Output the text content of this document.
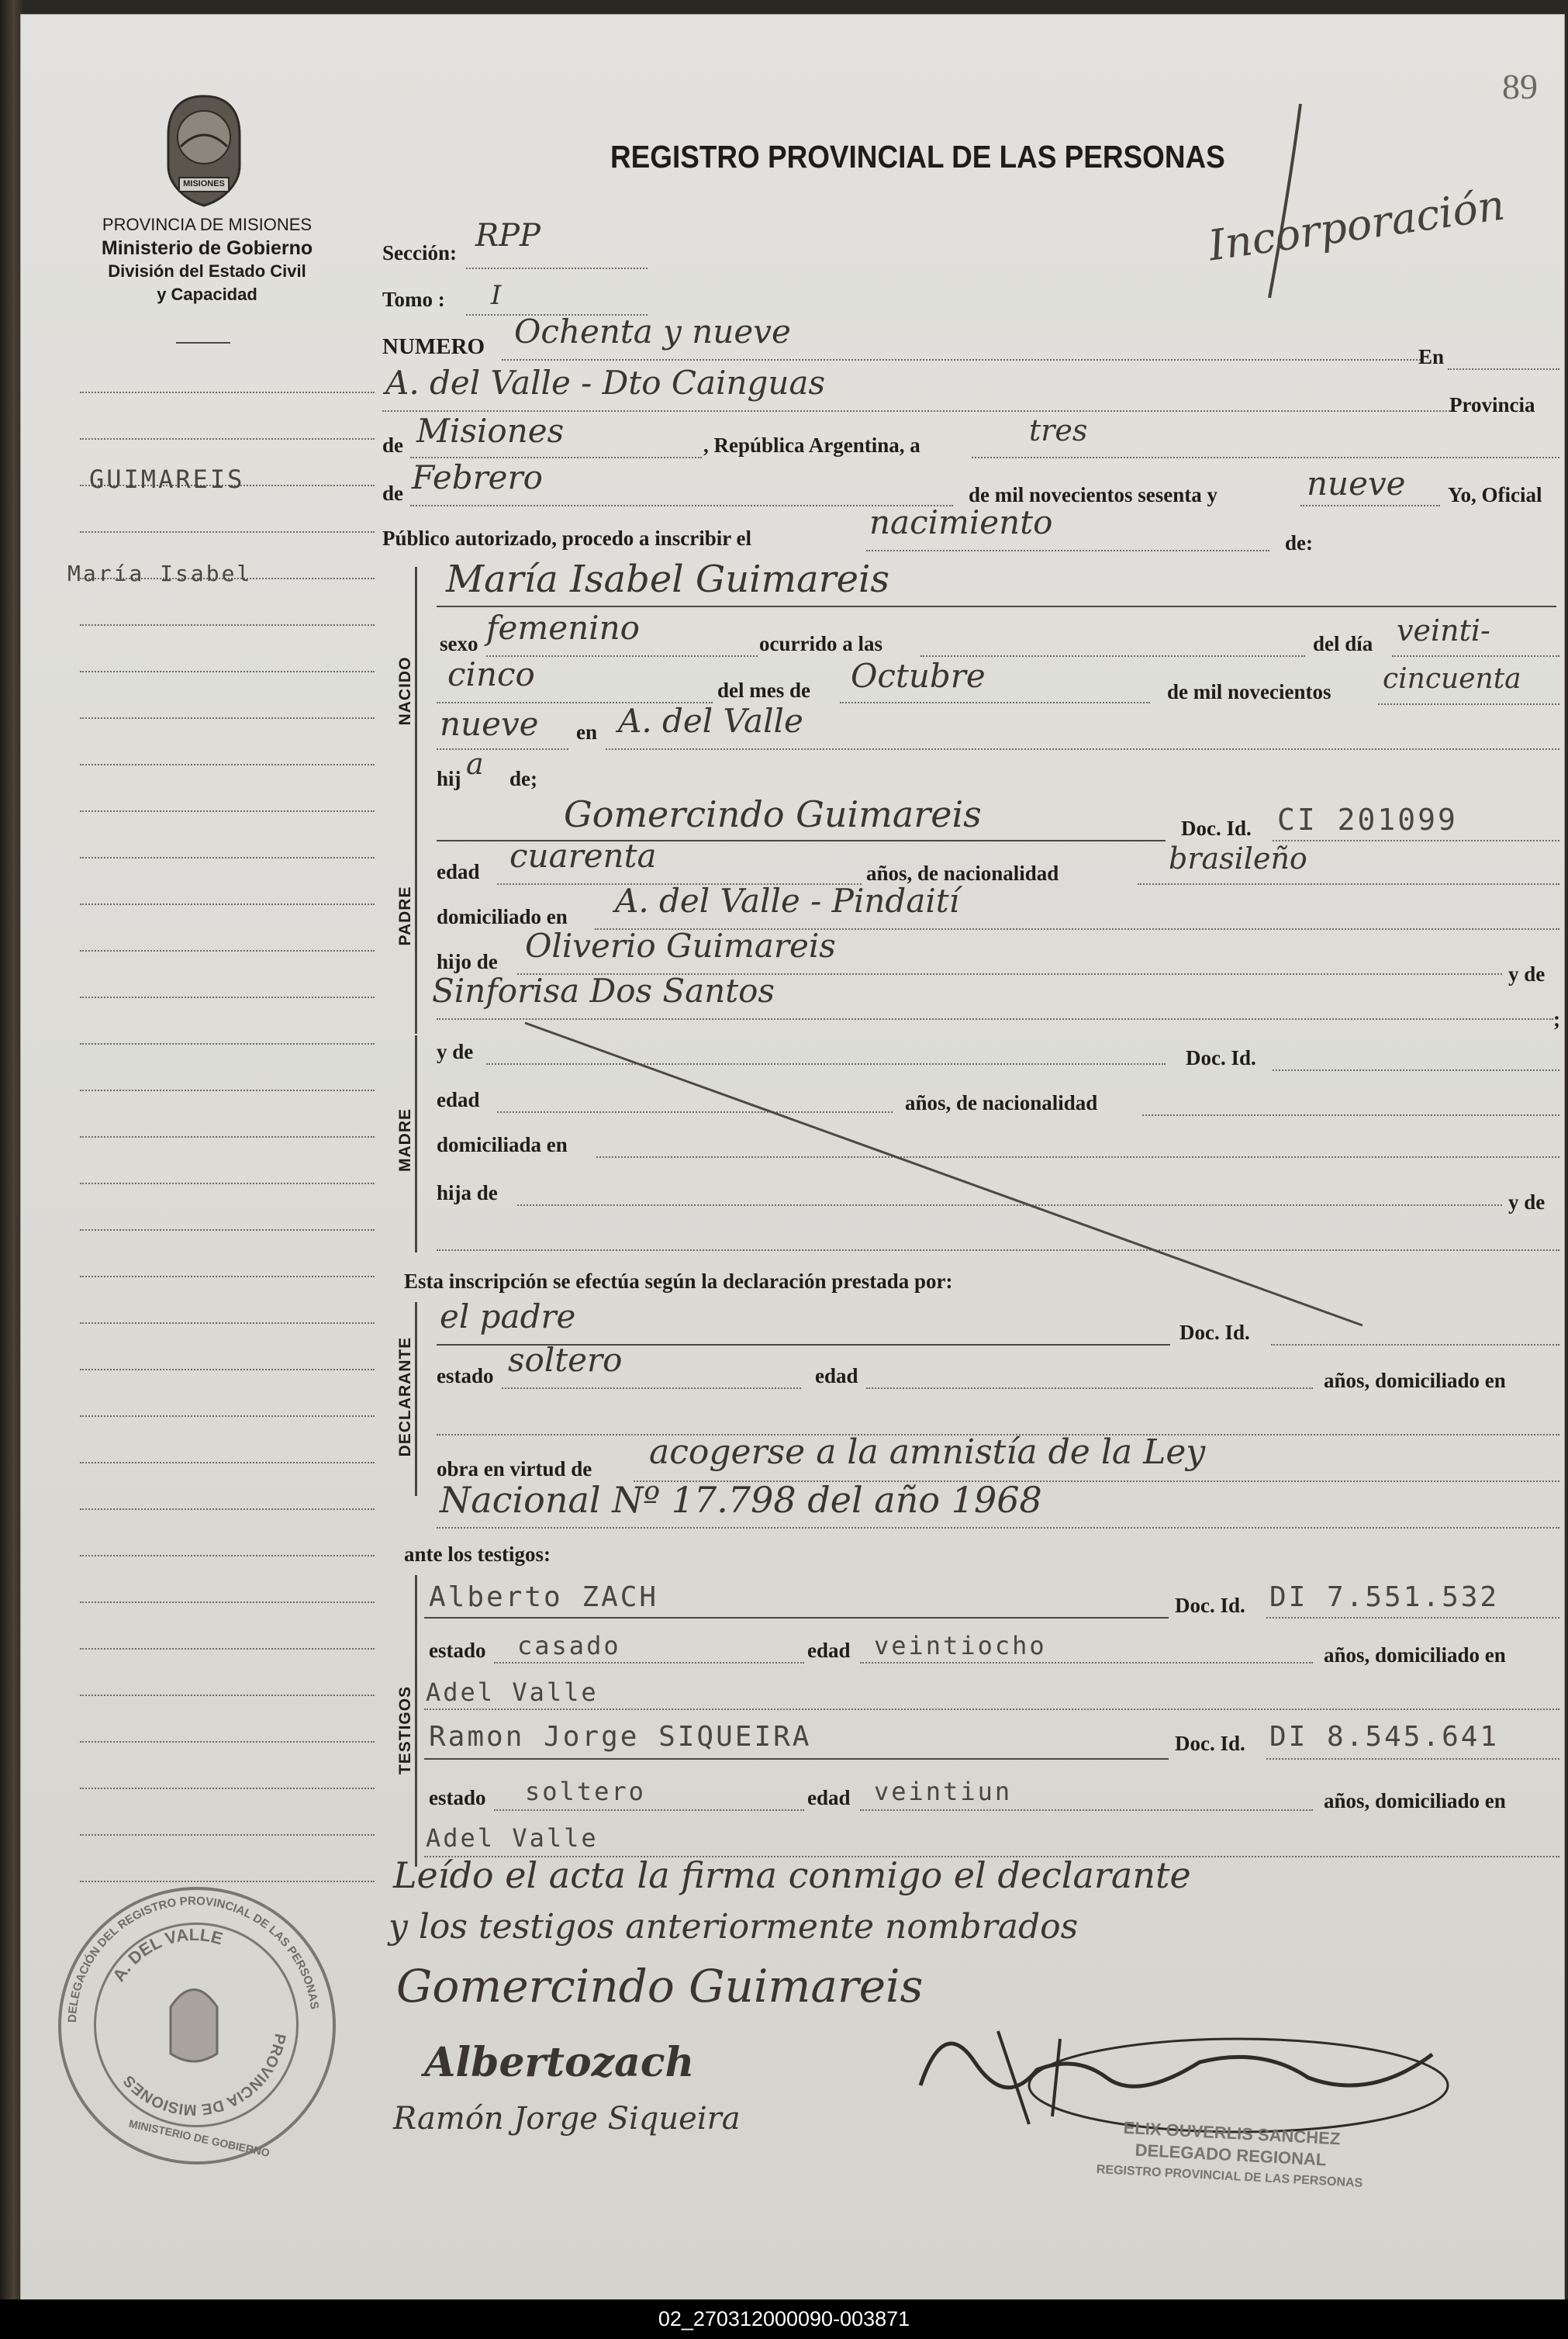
89
MISIONES
PROVINCIA DE MISIONES
Ministerio de Gobierno
División del Estado Civil
y Capacidad
REGISTRO PROVINCIAL DE LAS PERSONAS
Incorporación
GUIMAREIS
María Isabel
Sección: RPP
Tomo : I
NUMERO Ochenta y nueve
En
A. del Valle - Dto Cainguas
Provincia
de Misiones	, República Argentina, a	tres
de Febrero	de mil novecientos sesenta y	nueve Yo, Oficial
Público autorizado, procedo a inscribir el	nacimiento
de:
NACIDO
María Isabel Guimareis
sexo femenino	ocurrido a las	del día veinti-
cinco	del mes de Octubre	de mil novecientos cincuenta
nueve en A. del Valle
hij a de;
PADRE
Gomercindo Guimareis	Doc. Id. CI 201099
edad cuarenta	años, de nacionalidad	brasileño
domiciliado en A. del Valle - Pindaití
hijo de Oliverio Guimareis
y de
Sinforisa Dos Santos
;
MADRE
y de	Doc. Id.
edad	años, de nacionalidad
domiciliada en
hija de	y de
Esta inscripción se efectúa según la declaración prestada por:
DECLARANTE
el padre	Doc. Id.
estado soltero	edad	años, domiciliado en
obra en virtud de acogerse a la amnistía de la Ley
Nacional Nº 17.798 del año 1968
ante los testigos:
TESTIGOS
Alberto ZACH	Doc. Id. DI 7.551.532
estado casado	edad veintiocho	años, domiciliado en
Adel Valle
Ramon Jorge SIQUEIRA	Doc. Id. DI 8.545.641
estado soltero	edad veintiun	años, domiciliado en
Adel Valle
Leído el acta la firma conmigo el declarante
y los testigos anteriormente nombrados
Gomercindo Guimareis
Albertozach
Ramón Jorge Siqueira	ELIX OUVERLIS SANCHEZ
DELEGADO REGIONAL
REGISTRO PROVINCIAL DE LAS PERSONAS
DELEGACIÓN DEL REGISTRO PROVINCIAL DE LAS PERSONAS
A. DEL VALLE
PROVINCIA DE MISIONES
MINISTERIO DE GOBIERNO
02_270312000090-003871
